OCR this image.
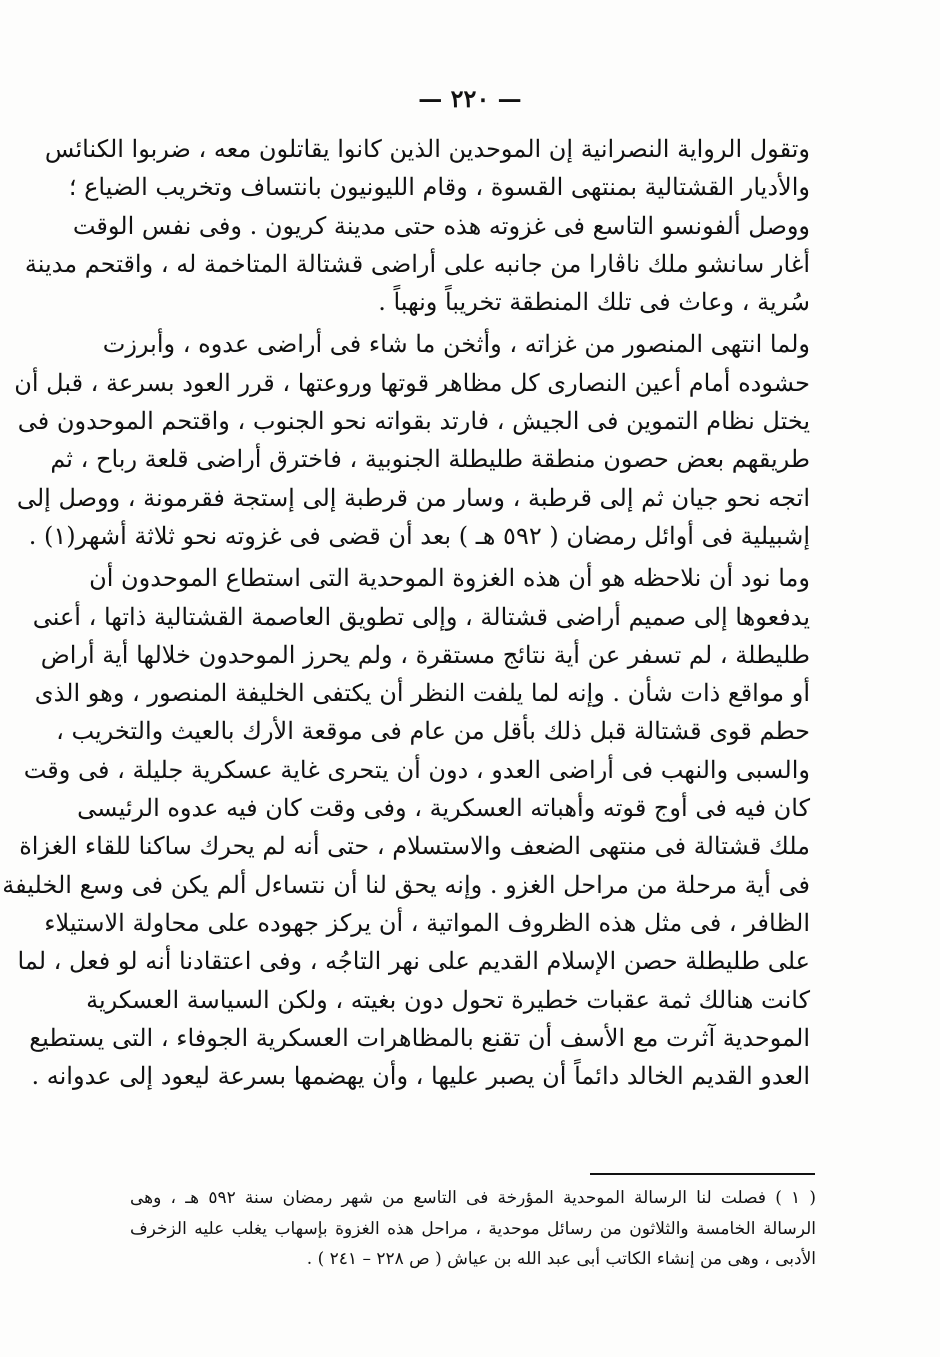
— ٢٢٠ —

وتقول الرواية النصرانية إن الموحدين الذين كانوا يقاتلون معه ، ضربوا الكنائس
والأديار القشتالية بمنتهى القسوة ، وقام الليونيون بانتساف وتخريب الضياع ؛
ووصل ألفونسو التاسع فى غزوته هذه حتى مدينة كريون . وفى نفس الوقت
أغار سانشو ملك ناڤارا من جانبه على أراضى قشتالة المتاخمة له ، واقتحم مدينة
سُرية ، وعاث فى تلك المنطقة تخريباً ونهباً .

ولما انتهى المنصور من غزاته ، وأثخن ما شاء فى أراضى عدوه ، وأبرزت
حشوده أمام أعين النصارى كل مظاهر قوتها وروعتها ، قرر العود بسرعة ، قبل أن
يختل نظام التموين فى الجيش ، فارتد بقواته نحو الجنوب ، واقتحم الموحدون فى
طريقهم بعض حصون منطقة طليطلة الجنوبية ، فاخترق أراضى قلعة رباح ، ثم
اتجه نحو جيان ثم إلى قرطبة ، وسار من قرطبة إلى إستجة فقرمونة ، ووصل إلى
إشبيلية فى أوائل رمضان ( ٥٩٢ هـ ) بعد أن قضى فى غزوته نحو ثلاثة أشهر(١) .

وما نود أن نلاحظه هو أن هذه الغزوة الموحدية التى استطاع الموحدون أن
يدفعوها إلى صميم أراضى قشتالة ، وإلى تطويق العاصمة القشتالية ذاتها ، أعنى
طليطلة ، لم تسفر عن أية نتائج مستقرة ، ولم يحرز الموحدون خلالها أية أراض
أو مواقع ذات شأن . وإنه لما يلفت النظر أن يكتفى الخليفة المنصور ، وهو الذى
حطم قوى قشتالة قبل ذلك بأقل من عام فى موقعة الأرك بالعيث والتخريب ،
والسبى والنهب فى أراضى العدو ، دون أن يتحرى غاية عسكرية جليلة ، فى وقت
كان فيه فى أوج قوته وأهباته العسكرية ، وفى وقت كان فيه عدوه الرئيسى
ملك قشتالة فى منتهى الضعف والاستسلام ، حتى أنه لم يحرك ساكنا للقاء الغزاة
فى أية مرحلة من مراحل الغزو . وإنه يحق لنا أن نتساءل ألم يكن فى وسع الخليفة
الظافر ، فى مثل هذه الظروف المواتية ، أن يركز جهوده على محاولة الاستيلاء
على طليطلة حصن الإسلام القديم على نهر التاجُه ، وفى اعتقادنا أنه لو فعل ، لما
كانت هنالك ثمة عقبات خطيرة تحول دون بغيته ، ولكن السياسة العسكرية
الموحدية آثرت مع الأسف أن تقنع بالمظاهرات العسكرية الجوفاء ، التى يستطيع
العدو القديم الخالد دائماً أن يصبر عليها ، وأن يهضمها بسرعة ليعود إلى عدوانه .

( ١ ) فصلت لنا الرسالة الموحدية المؤرخة فى التاسع من شهر رمضان سنة ٥٩٢ هـ ، وهى
الرسالة الخامسة والثلاثون من رسائل موحدية ، مراحل هذه الغزوة بإسهاب يغلب عليه الزخرف
الأدبى ، وهى من إنشاء الكاتب أبى عبد الله بن عياش ( ص ٢٢٨ – ٢٤١ ) .
